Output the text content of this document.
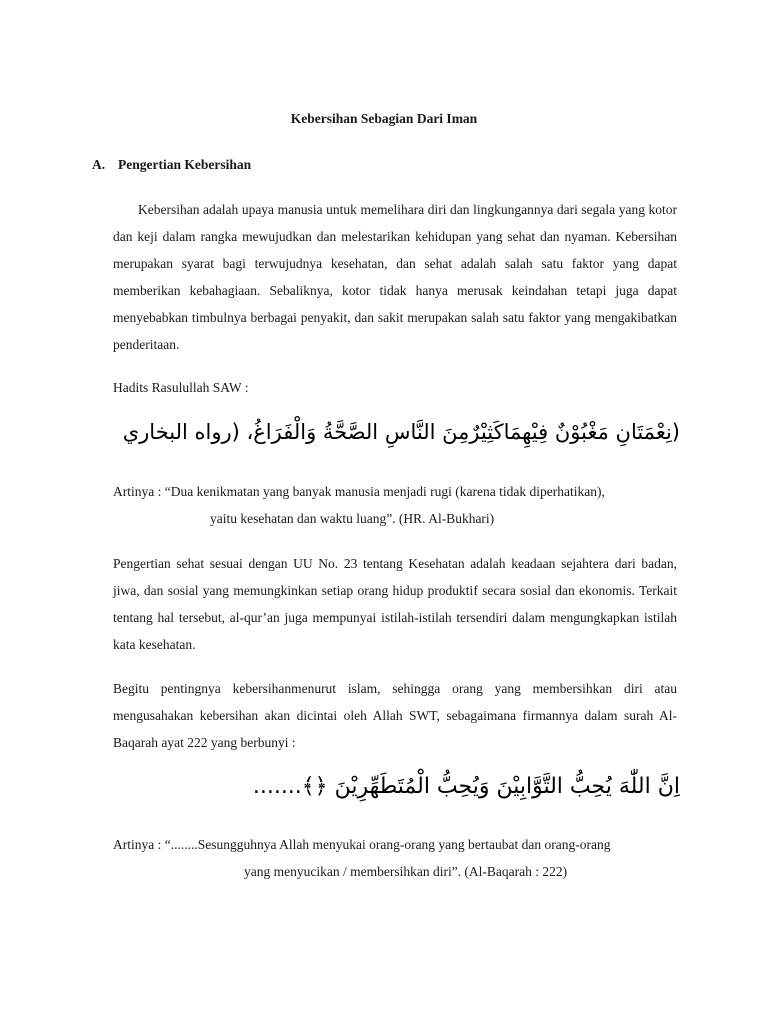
Kebersihan Sebagian Dari Iman
A. Pengertian Kebersihan

Kebersihan adalah upaya manusia untuk memelihara diri dan lingkungannya dari segala yang kotor dan keji dalam rangka mewujudkan dan melestarikan kehidupan yang sehat dan nyaman. Kebersihan merupakan syarat bagi terwujudnya kesehatan, dan sehat adalah salah satu faktor yang dapat memberikan kebahagiaan. Sebaliknya, kotor tidak hanya merusak keindahan tetapi juga dapat menyebabkan timbulnya berbagai penyakit, dan sakit merupakan salah satu faktor yang mengakibatkan penderitaan.

Hadits Rasulullah SAW :
(نِعْمَتَانِ مَغْبُوْنٌ فِيْهِمَاكَثِيْرٌمِنَ النَّاسِ الصَّحَّةُ وَالْفَرَاغُ، (رواه البخاري
Artinya : “Dua kenikmatan yang banyak manusia menjadi rugi (karena tidak diperhatikan),
yaitu kesehatan dan waktu luang”. (HR. Al-Bukhari)

Pengertian sehat sesuai dengan UU No. 23 tentang Kesehatan adalah keadaan sejahtera dari badan, jiwa, dan sosial yang memungkinkan setiap orang hidup produktif secara sosial dan ekonomis. Terkait tentang hal tersebut, al-qur’an juga mempunyai istilah-istilah tersendiri dalam mengungkapkan istilah kata kesehatan.

Begitu pentingnya kebersihanmenurut islam, sehingga orang yang membersihkan diri atau mengusahakan kebersihan akan dicintai oleh Allah SWT, sebagaimana firmannya dalam surah Al-Baqarah ayat 222 yang berbunyi :

اِنَّ اللّٰهَ يُحِبُّ التَّوَّابِيْنَ وَيُحِبُّ الْمُتَطَهِّرِيْنَ ﴿﴾.......
Artinya : “........Sesungguhnya Allah menyukai orang-orang yang bertaubat dan orang-orang
yang menyucikan / membersihkan diri”. (Al-Baqarah : 222)
